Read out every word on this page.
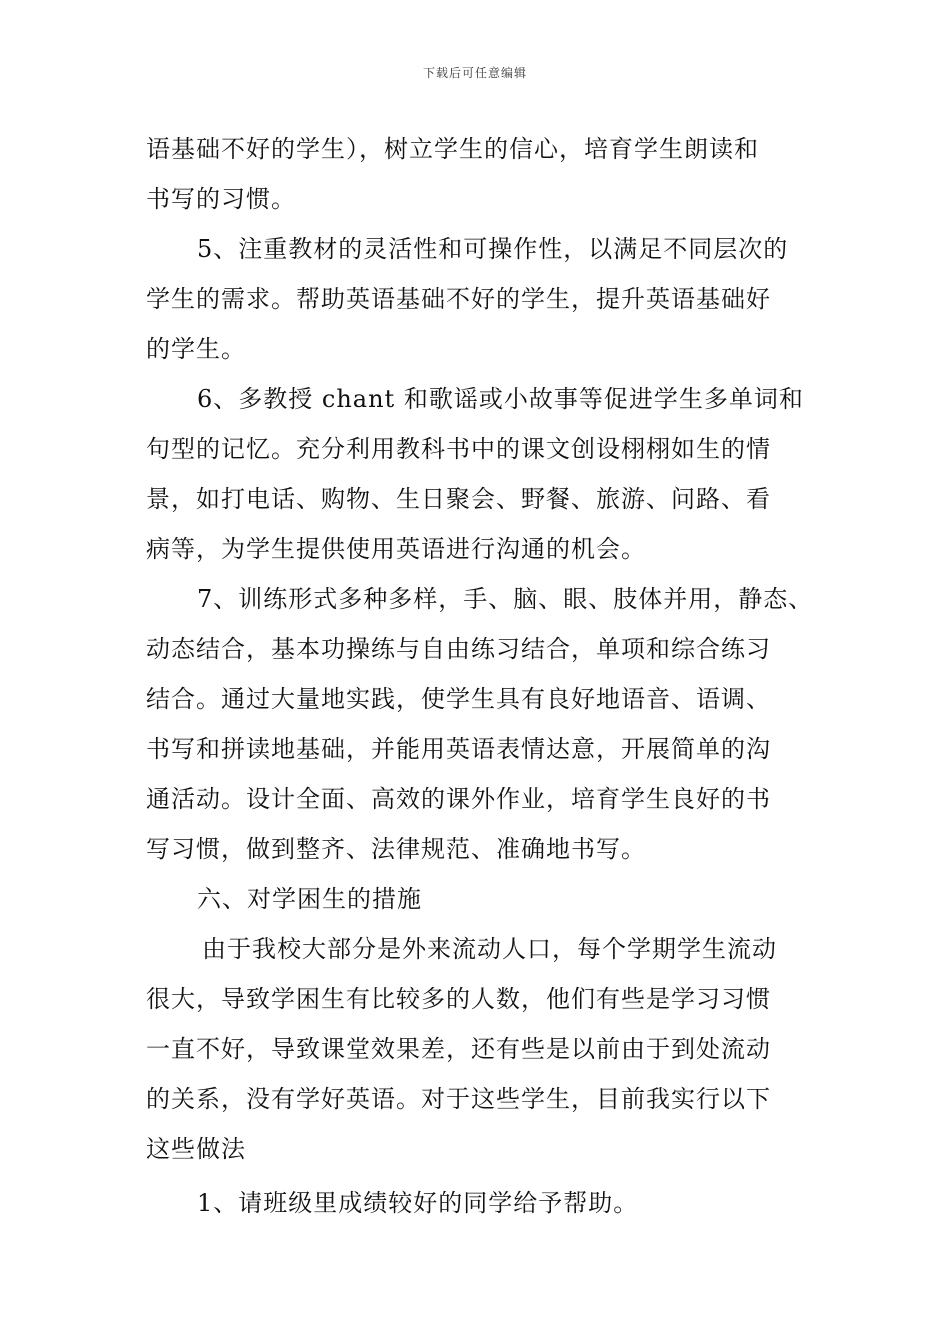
下载后可任意编辑
语基础不好的学生），树立学生的信心，培育学生朗读和
书写的习惯。
5、注重教材的灵活性和可操作性，以满足不同层次的
学生的需求。帮助英语基础不好的学生，提升英语基础好
的学生。
6、多教授 chant 和歌谣或小故事等促进学生多单词和
句型的记忆。充分利用教科书中的课文创设栩栩如生的情
景，如打电话、购物、生日聚会、野餐、旅游、问路、看
病等，为学生提供使用英语进行沟通的机会。
7、训练形式多种多样，手、脑、眼、肢体并用，静态、
动态结合，基本功操练与自由练习结合，单项和综合练习
结合。通过大量地实践，使学生具有良好地语音、语调、
书写和拼读地基础，并能用英语表情达意，开展简单的沟
通活动。设计全面、高效的课外作业，培育学生良好的书
写习惯，做到整齐、法律规范、准确地书写。
六、对学困生的措施
由于我校大部分是外来流动人口，每个学期学生流动
很大，导致学困生有比较多的人数，他们有些是学习习惯
一直不好，导致课堂效果差，还有些是以前由于到处流动
的关系，没有学好英语。对于这些学生，目前我实行以下
这些做法
1、请班级里成绩较好的同学给予帮助。
